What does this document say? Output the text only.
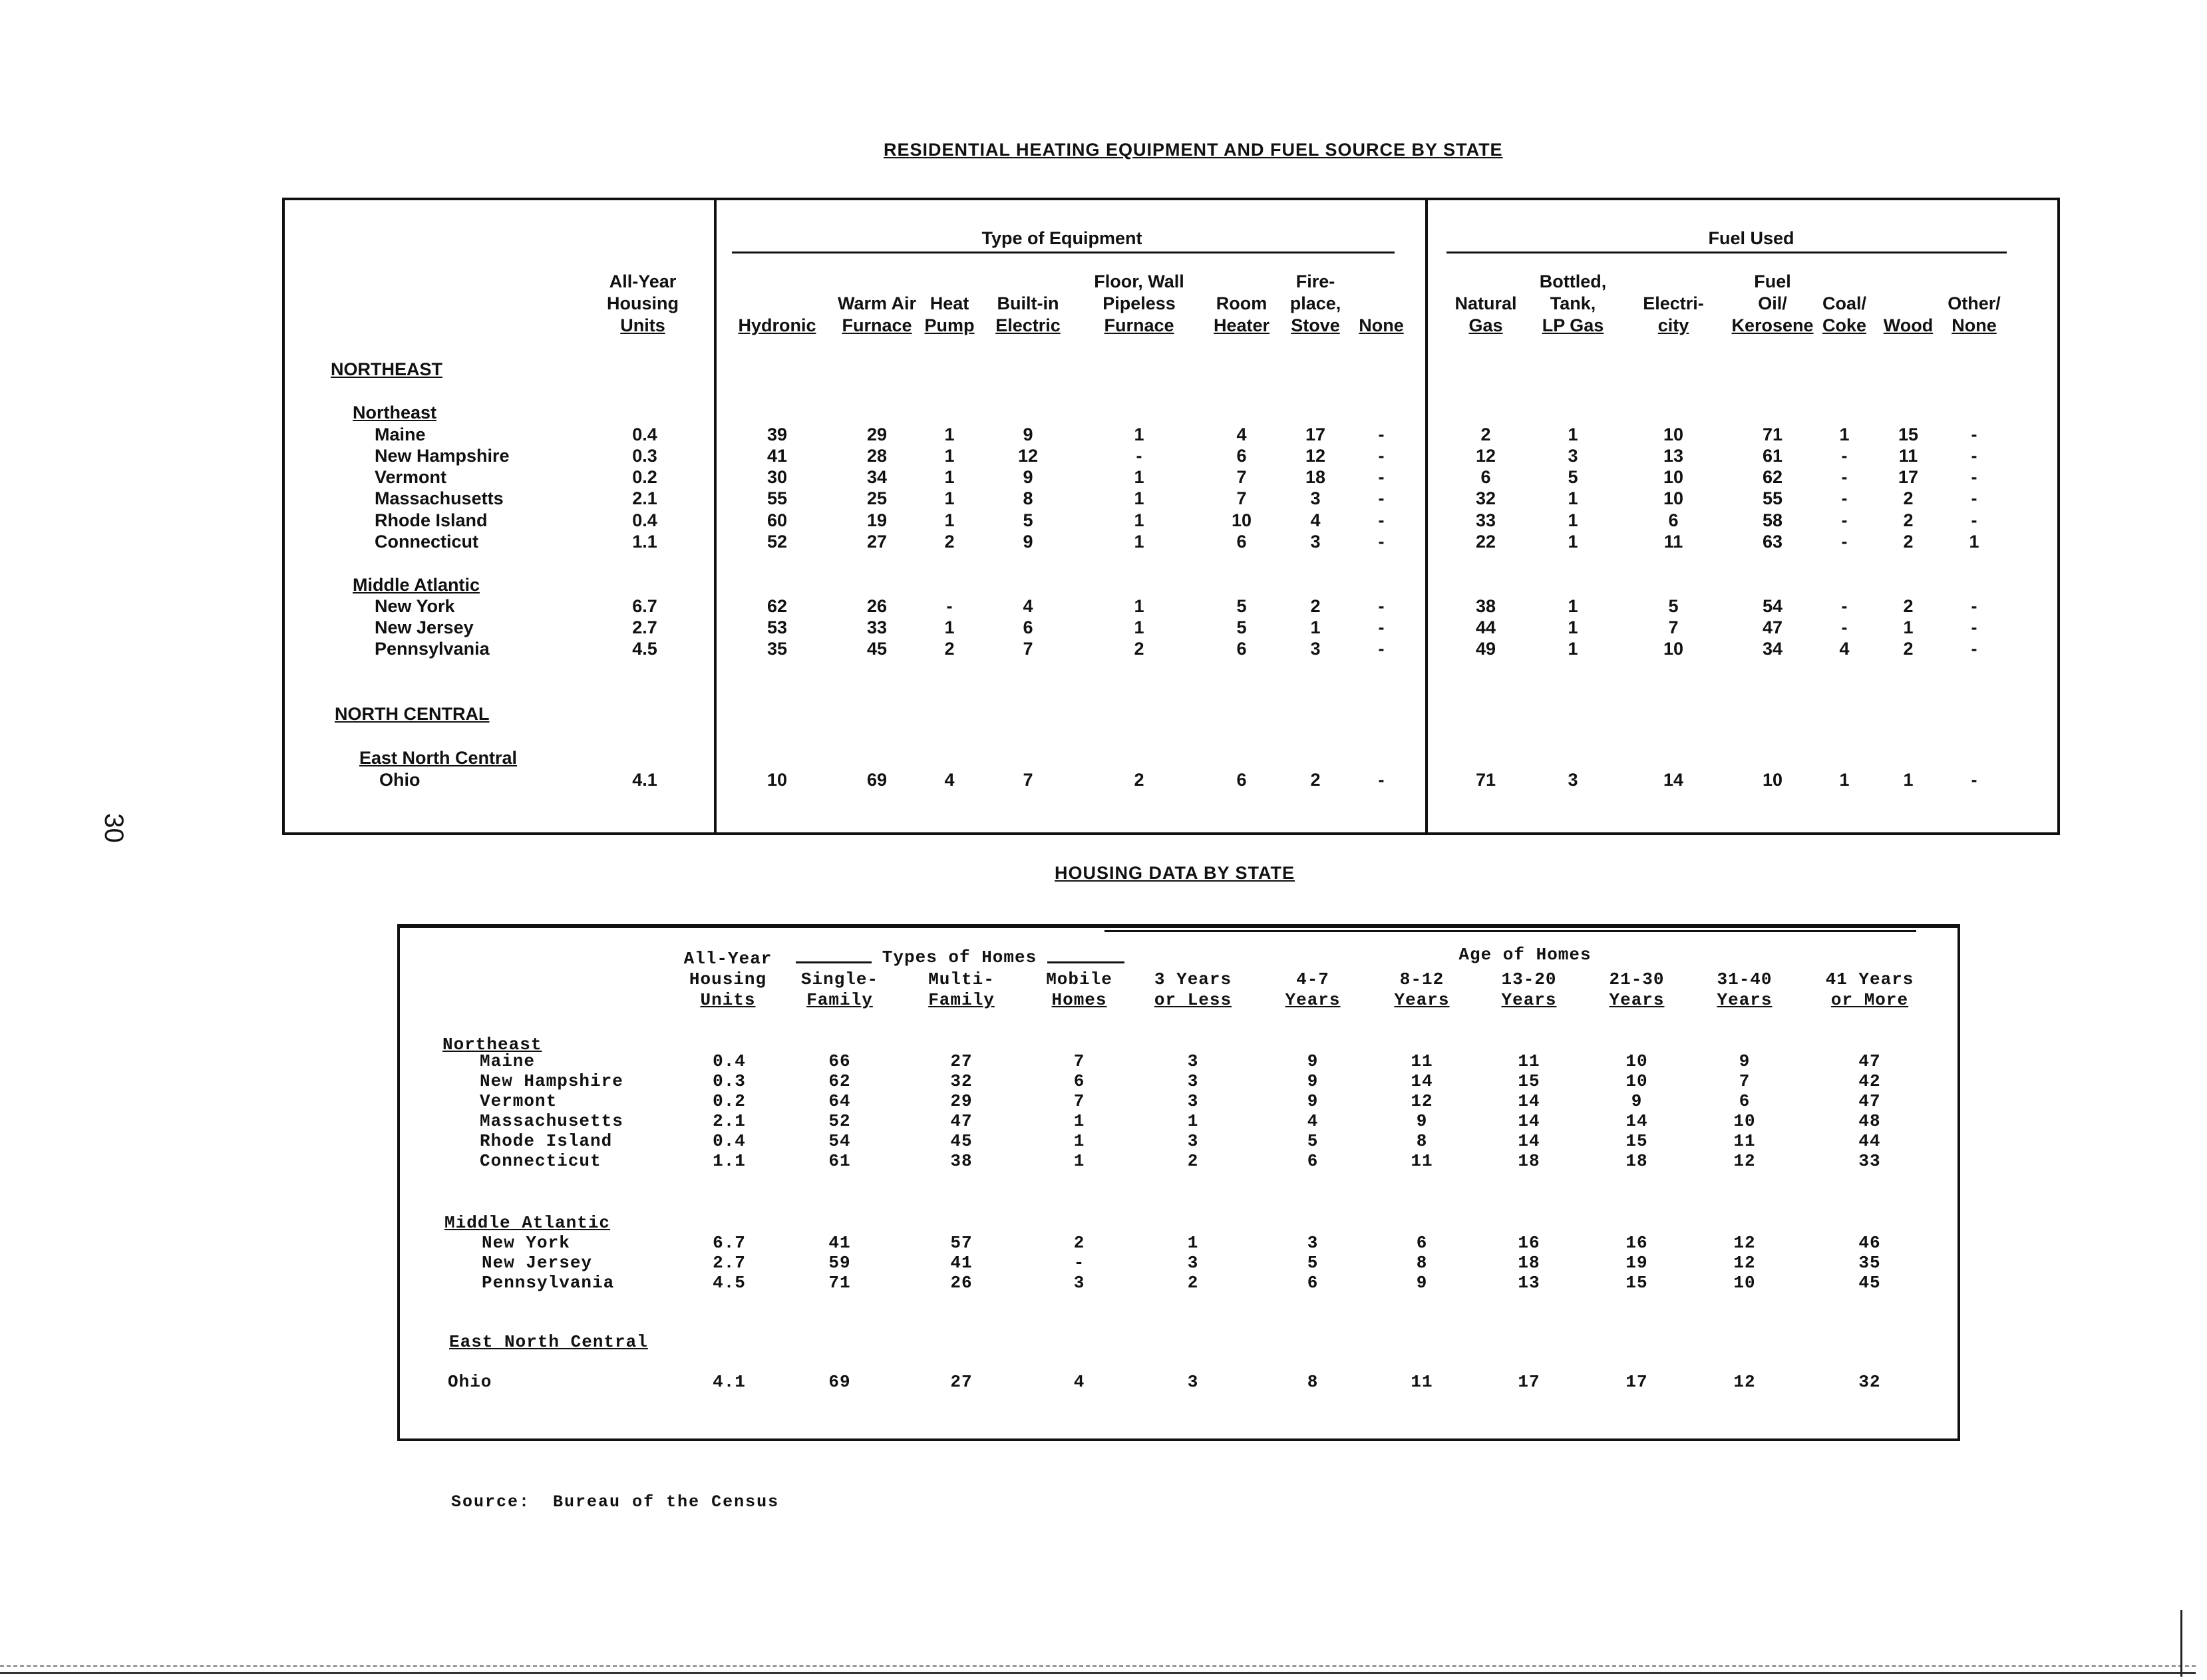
30
RESIDENTIAL HEATING EQUIPMENT AND FUEL SOURCE BY STATE
Type of Equipment	Fuel Used
All-Year
Housing
Units	Hydronic
Warm Air
Furnace
Heat
Pump
Built-in
Electric
Floor, Wall
Pipeless
Furnace
Room
Heater
Fire-
place,
Stove None
Natural
Gas
Bottled,
Tank,
LP Gas
Electri-
city
Fuel
Oil/
Kerosene
Coal/
Coke Wood
Other/
None
NORTHEAST
Northeast
Middle Atlantic
NORTH CENTRAL
East North Central
Maine	0.4	39	29	1	9	1	4	17	-	2	1	10	71	1	15	-
New Hampshire	0.3	41	28	1	12	-	6	12	-	12	3	13	61	-	11	-
Vermont	0.2	30	34	1	9	1	7	18	-	6	5	10	62	-	17	-
Massachusetts	2.1	55	25	1	8	1	7	3	-	32	1	10	55	-	2	-
Rhode Island	0.4	60	19	1	5	1	10	4	-	33	1	6	58	-	2	-
Connecticut	1.1	52	27	2	9	1	6	3	-	22	1	11	63	-	2	1
New York	6.7	62	26	-	4	1	5	2	-	38	1	5	54	-	2	-
New Jersey	2.7	53	33	1	6	1	5	1	-	44	1	7	47	-	1	-
Pennsylvania	4.5	35	45	2	7	2	6	3	-	49	1	10	34	4	2	-
Ohio	4.1	10	69	4	7	2	6	2	-	71	3	14	10	1	1	-
HOUSING DATA BY STATE
Types of Homes	Age of Homes
All-Year
Housing
Units
Single-
Family
Multi-
Family
Mobile
Homes
3 Years
or Less
4-7
Years
8-12
Years
13-20
Years
21-30
Years
31-40
Years
41 Years
or More
Northeast
Middle Atlantic
East North Central
Maine	0.4	66	27	7	3	9	11	11	10	9	47
New Hampshire	0.3	62	32	6	3	9	14	15	10	7	42
Vermont	0.2	64	29	7	3	9	12	14	9	6	47
Massachusetts	2.1	52	47	1	1	4	9	14	14	10	48
Rhode Island	0.4	54	45	1	3	5	8	14	15	11	44
Connecticut	1.1	61	38	1	2	6	11	18	18	12	33
New York	6.7	41	57	2	1	3	6	16	16	12	46
New Jersey	2.7	59	41	-	3	5	8	18	19	12	35
Pennsylvania	4.5	71	26	3	2	6	9	13	15	10	45
Ohio	4.1	69	27	4	3	8	11	17	17	12	32
Source: Bureau of the Census
